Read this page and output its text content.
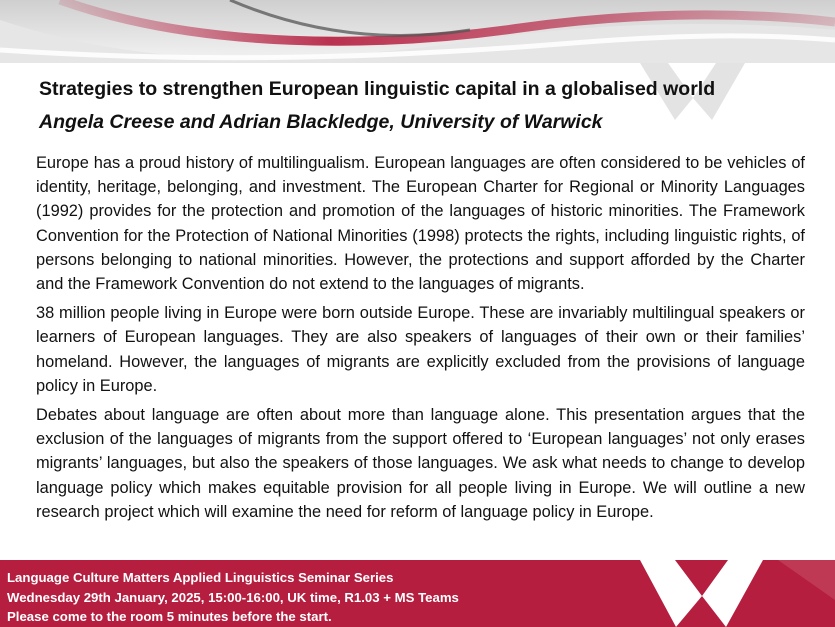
Strategies to strengthen European linguistic capital in a globalised world
Angela Creese and Adrian Blackledge, University of Warwick

Europe has a proud history of multilingualism. European languages are often considered to be vehicles of identity, heritage, belonging, and investment. The European Charter for Regional or Minority Languages (1992) provides for the protection and promotion of the languages of historic minorities. The Framework Convention for the Protection of National Minorities (1998) protects the rights, including linguistic rights, of persons belonging to national minorities. However, the protections and support afforded by the Charter and the Framework Convention do not extend to the languages of migrants.

38 million people living in Europe were born outside Europe. These are invariably multilingual speakers or learners of European languages. They are also speakers of languages of their own or their families’ homeland. However, the languages of migrants are explicitly excluded from the provisions of language policy in Europe.

Debates about language are often about more than language alone. This presentation argues that the exclusion of the languages of migrants from the support offered to ‘European languages’ not only erases migrants’ languages, but also the speakers of those languages. We ask what needs to change to develop language policy which makes equitable provision for all people living in Europe. We will outline a new research project which will examine the need for reform of language policy in Europe.

Language Culture Matters Applied Linguistics Seminar Series
Wednesday 29th January, 2025, 15:00-16:00, UK time, R1.03 + MS Teams
Please come to the room 5 minutes before the start.
